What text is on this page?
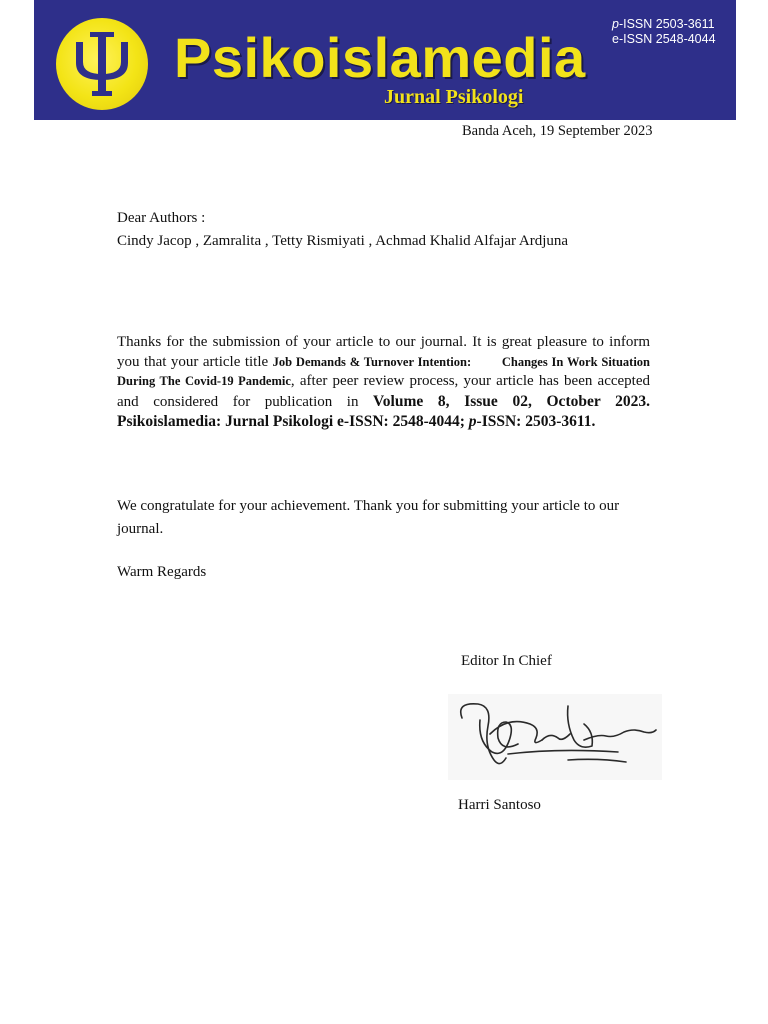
Psikoislamedia
Jurnal Psikologi
p-ISSN 2503-3611
e-ISSN 2548-4044
Banda Aceh, 19 September 2023
Dear Authors :
Cindy Jacop , Zamralita , Tetty Rismiyati , Achmad Khalid Alfajar Ardjuna
Thanks for the submission of your article to our journal. It is great pleasure to inform you that your article title Job Demands & Turnover Intention:        Changes In Work Situation During The Covid-19 Pandemic, after peer review process, your article has been accepted and considered for publication in Volume 8, Issue 02, October 2023. Psikoislamedia: Jurnal Psikologi e-ISSN: 2548-4044; p-ISSN: 2503-3611.
We congratulate for your achievement. Thank you for submitting your article to our journal.
Warm Regards
Editor In Chief
Harri Santoso
